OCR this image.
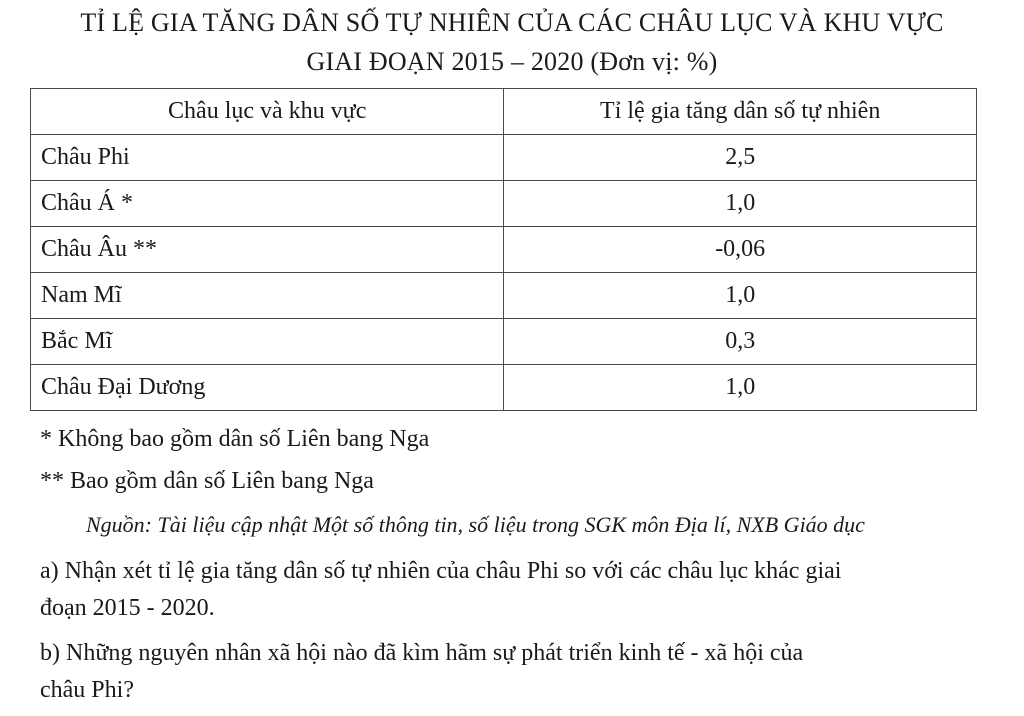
TỈ LỆ GIA TĂNG DÂN SỐ TỰ NHIÊN CỦA CÁC CHÂU LỤC VÀ KHU VỰC
GIAI ĐOẠN 2015 – 2020 (Đơn vị: %)
Châu lục và khu vực	Tỉ lệ gia tăng dân số tự nhiên
Châu Phi	2,5
Châu Á *	1,0
Châu Âu **	-0,06
Nam Mĩ	1,0
Bắc Mĩ	0,3
Châu Đại Dương	1,0
* Không bao gồm dân số Liên bang Nga
** Bao gồm dân số Liên bang Nga
Nguồn: Tài liệu cập nhật Một số thông tin, số liệu trong SGK môn Địa lí, NXB Giáo dục
a) Nhận xét tỉ lệ gia tăng dân số tự nhiên của châu Phi so với các châu lục khác giai
đoạn 2015 - 2020.
b) Những nguyên nhân xã hội nào đã kìm hãm sự phát triển kinh tế - xã hội của
châu Phi?
